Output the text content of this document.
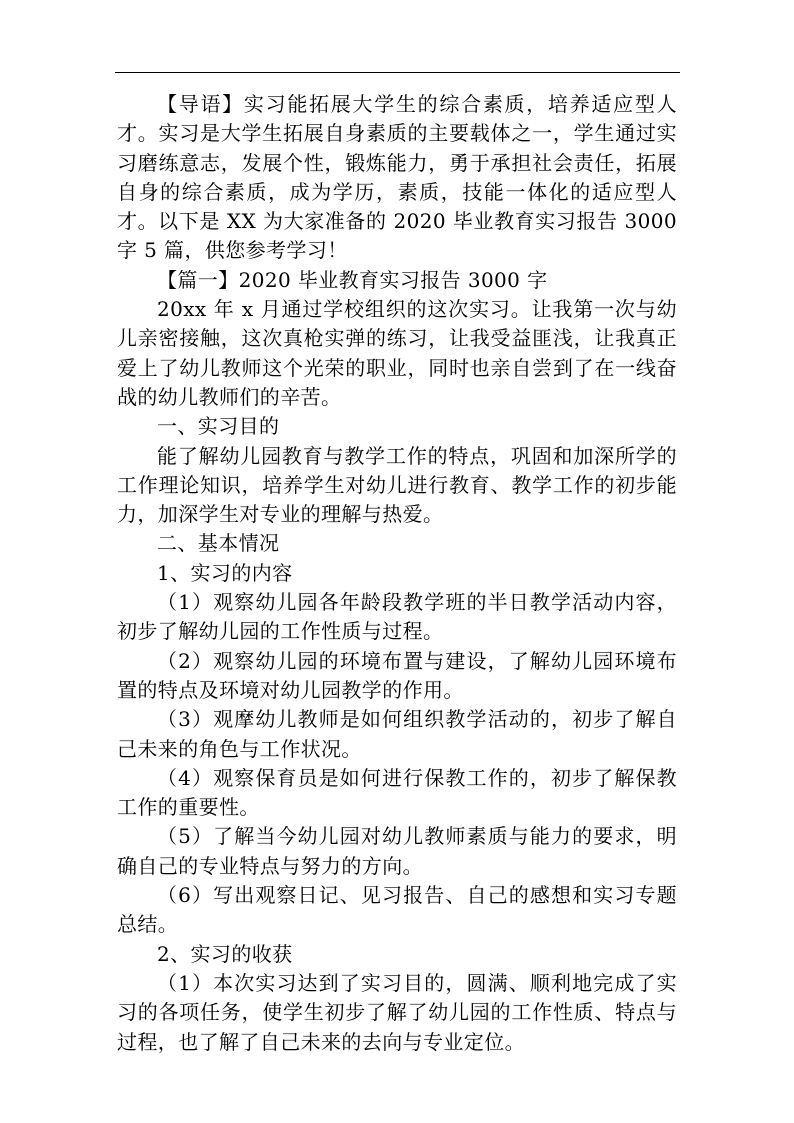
【导语】实习能拓展大学生的综合素质，培养适应型人才。实习是大学生拓展自身素质的主要载体之一，学生通过实习磨练意志，发展个性，锻炼能力，勇于承担社会责任，拓展自身的综合素质，成为学历，素质，技能一体化的适应型人才。以下是 XX 为大家准备的 2020 毕业教育实习报告 3000 字 5 篇，供您参考学习！

【篇一】2020 毕业教育实习报告 3000 字

20xx 年 x 月通过学校组织的这次实习。让我第一次与幼儿亲密接触，这次真枪实弹的练习，让我受益匪浅，让我真正爱上了幼儿教师这个光荣的职业，同时也亲自尝到了在一线奋战的幼儿教师们的辛苦。

一、实习目的

能了解幼儿园教育与教学工作的特点，巩固和加深所学的工作理论知识，培养学生对幼儿进行教育、教学工作的初步能力，加深学生对专业的理解与热爱。

二、基本情况

1、实习的内容

（1）观察幼儿园各年龄段教学班的半日教学活动内容，初步了解幼儿园的工作性质与过程。

（2）观察幼儿园的环境布置与建设，了解幼儿园环境布置的特点及环境对幼儿园教学的作用。

（3）观摩幼儿教师是如何组织教学活动的，初步了解自己未来的角色与工作状况。

（4）观察保育员是如何进行保教工作的，初步了解保教工作的重要性。

（5）了解当今幼儿园对幼儿教师素质与能力的要求，明确自己的专业特点与努力的方向。

（6）写出观察日记、见习报告、自己的感想和实习专题总结。

2、实习的收获

（1）本次实习达到了实习目的，圆满、顺利地完成了实习的各项任务，使学生初步了解了幼儿园的工作性质、特点与过程，也了解了自己未来的去向与专业定位。
